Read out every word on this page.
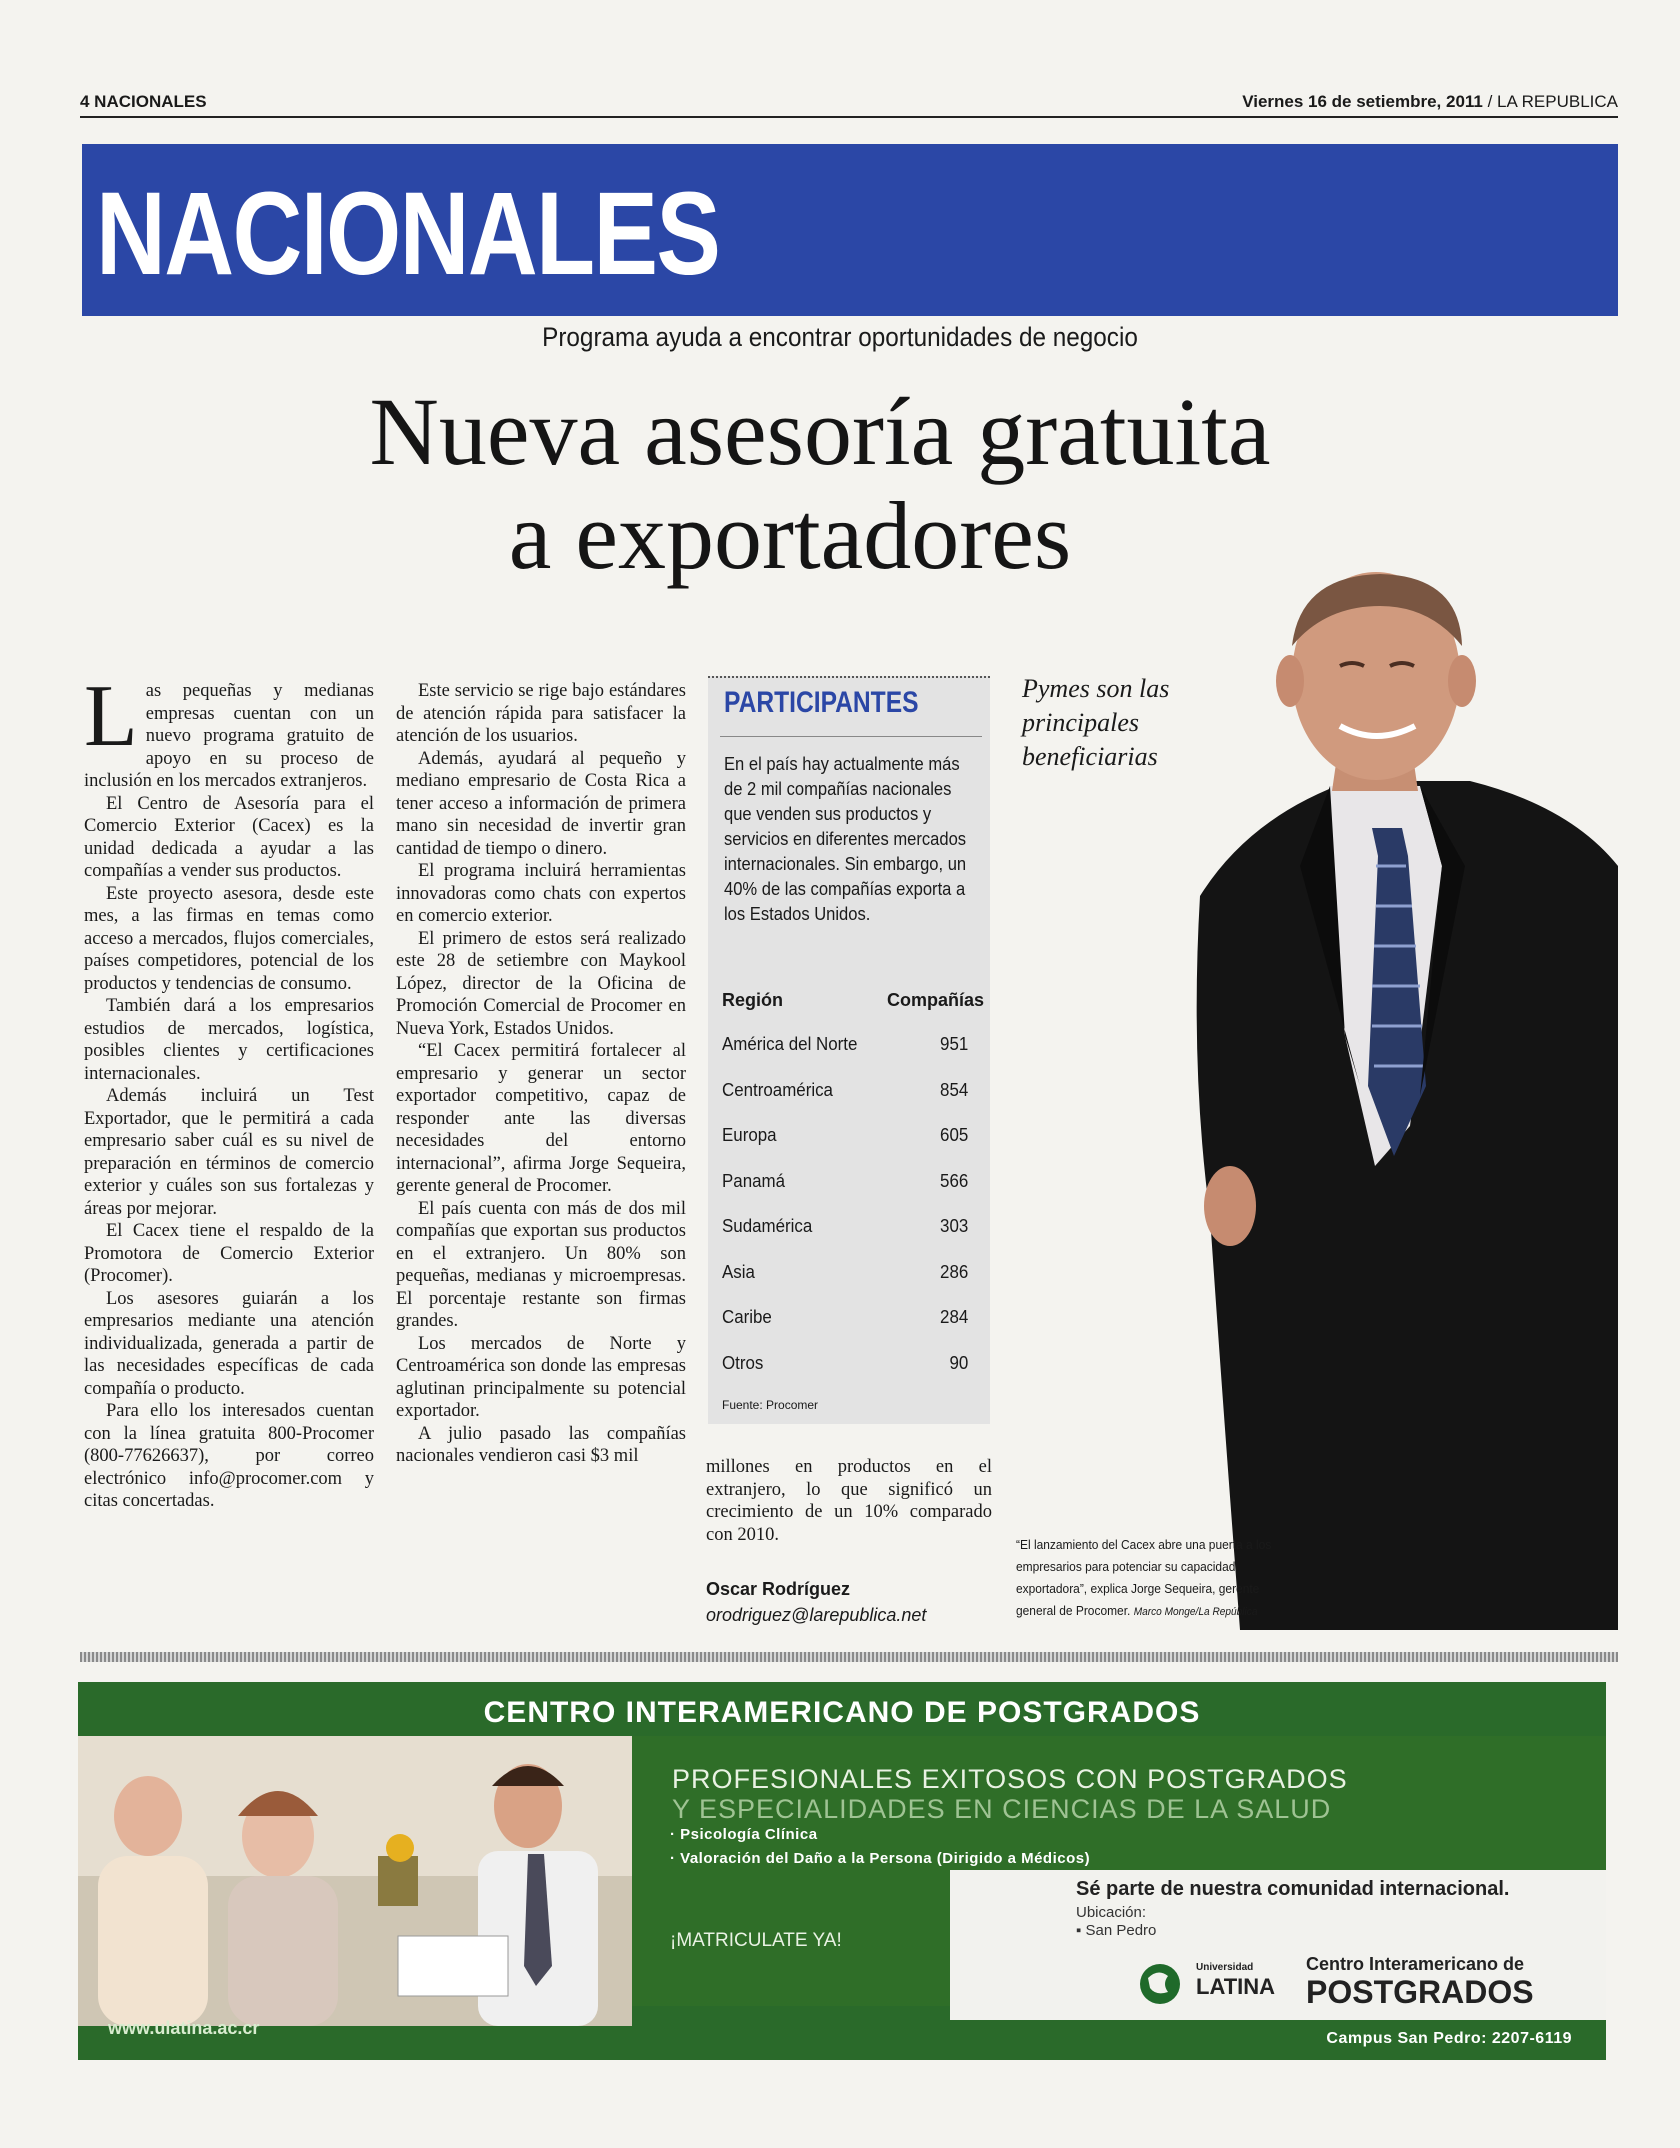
4 NACIONALES	Viernes 16 de setiembre, 2011 / LA REPUBLICA
NACIONALES
Programa ayuda a encontrar oportunidades de negocio
Nueva asesoría gratuita
a exportadores

Las pequeñas y medianas empresas cuentan con un nuevo programa gratuito de apoyo en su proceso de inclusión en los mercados extranjeros.

El Centro de Asesoría para el Comercio Exterior (Cacex) es la unidad dedicada a ayudar a las compañías a vender sus productos.

Este proyecto asesora, desde este mes, a las firmas en temas como acceso a mercados, flujos comerciales, países competidores, potencial de los productos y tendencias de consumo.

También dará a los empresarios estudios de mercados, logística, posibles clientes y certificaciones internacionales.

Además incluirá un Test Exportador, que le permitirá a cada empresario saber cuál es su nivel de preparación en términos de comercio exterior y cuáles son sus fortalezas y áreas por mejorar.

El Cacex tiene el respaldo de la Promotora de Comercio Exterior (Procomer).

Los asesores guiarán a los empresarios mediante una atención individualizada, generada a partir de las necesidades específicas de cada compañía o producto.

Para ello los interesados cuentan con la línea gratuita 800-Procomer (800-77626637), por correo electrónico info@procomer.com y citas concertadas.

Este servicio se rige bajo estándares de atención rápida para satisfacer la atención de los usuarios.

Además, ayudará al pequeño y mediano empresario de Costa Rica a tener acceso a información de primera mano sin necesidad de invertir gran cantidad de tiempo o dinero.

El programa incluirá herramientas innovadoras como chats con expertos en comercio exterior.

El primero de estos será realizado este 28 de setiembre con Maykool López, director de la Oficina de Promoción Comercial de Procomer en Nueva York, Estados Unidos.

“El Cacex permitirá fortalecer al empresario y generar un sector exportador competitivo, capaz de responder ante las diversas necesidades del entorno internacional”, afirma Jorge Sequeira, gerente general de Procomer.

El país cuenta con más de dos mil compañías que exportan sus productos en el extranjero. Un 80% son pequeñas, medianas y microempresas. El porcentaje restante son firmas grandes.

Los mercados de Norte y Centroamérica son donde las empresas aglutinan principalmente su potencial exportador.

A julio pasado las compañías nacionales vendieron casi $3 mil

PARTICIPANTES
En el país hay actualmente más de 2 mil compañías nacionales que venden sus productos y servicios en diferentes mercados internacionales. Sin embargo, un 40% de las compañías exporta a los Estados Unidos.
Región	Compañías
América del Norte	951
Centroamérica	854
Europa	605
Panamá	566
Sudamérica	303
Asia	286
Caribe	284
Otros	90
Fuente: Procomer

millones en productos en el extranjero, lo que significó un crecimiento de un 10% comparado con 2010.

Oscar Rodríguez
orodriguez@larepublica.net
Pymes son las
principales
beneficiarias
“El lanzamiento del Cacex abre una puerta a los empresarios para potenciar su capacidad exportadora”, explica Jorge Sequeira, gerente general de Procomer. Marco Monge/La República
CENTRO INTERAMERICANO DE POSTGRADOS
PROFESIONALES EXITOSOS CON POSTGRADOS
Y ESPECIALIDADES EN CIENCIAS DE LA SALUD
· Psicología Clínica
· Valoración del Daño a la Persona (Dirigido a Médicos)
¡MATRICULATE YA!
Sé parte de nuestra comunidad internacional.
Ubicación:
▪ San Pedro
Universidad
LATINA
Centro Interamericano de
POSTGRADOS
www.ulatina.ac.cr
Campus San Pedro: 2207-6119
